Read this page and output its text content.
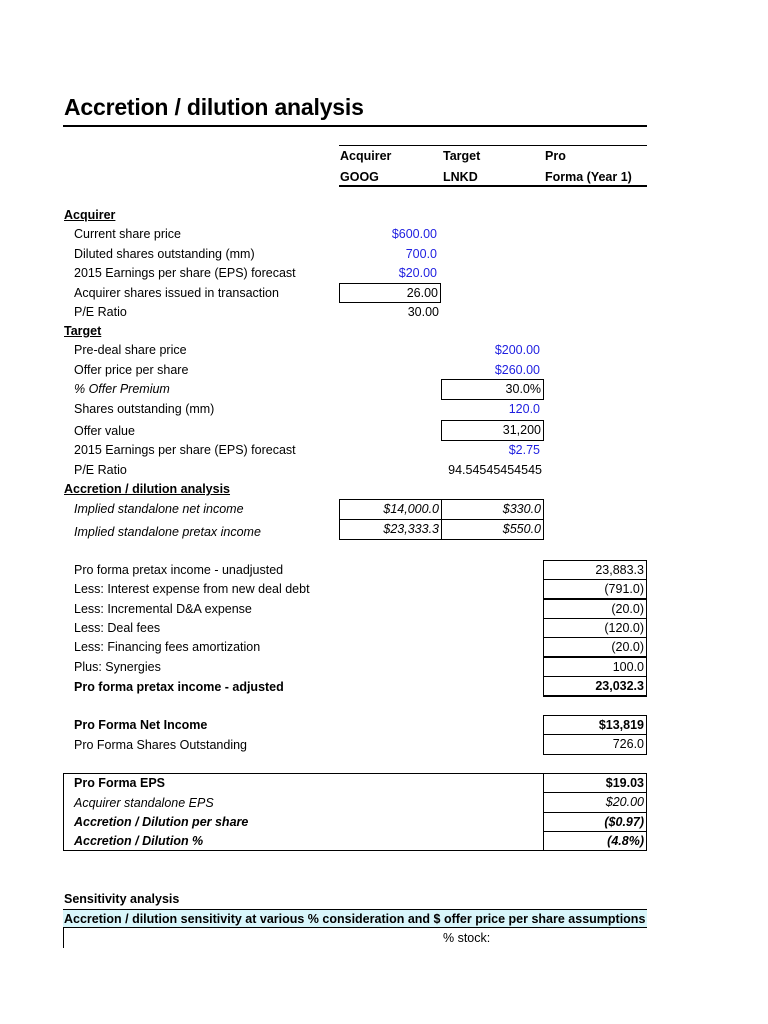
Accretion / dilution analysis
Acquirer	Target	Pro
GOOG	LNKD	Forma (Year 1)
Acquirer
Current share price	$600.00
Diluted shares outstanding (mm)	700.0
2015 Earnings per share (EPS) forecast	$20.00
Acquirer shares issued in transaction	26.00
P/E Ratio	30.00
Target
Pre-deal share price	$200.00
Offer price per share	$260.00
% Offer Premium	30.0%
Shares outstanding (mm)	120.0
Offer value	31,200
2015 Earnings per share (EPS) forecast	$2.75
P/E Ratio	94.54545454545
Accretion / dilution analysis
Implied standalone net income	$14,000.0	$330.0
Implied standalone pretax income	$23,333.3	$550.0
Pro forma pretax income - unadjusted	23,883.3
Less: Interest expense from new deal debt	(791.0)
Less: Incremental D&A expense	(20.0)
Less: Deal fees	(120.0)
Less: Financing fees amortization	(20.0)
Plus: Synergies	100.0
Pro forma pretax income - adjusted	23,032.3
Pro Forma Net Income	$13,819
Pro Forma Shares Outstanding	726.0
Pro Forma EPS	$19.03
Acquirer standalone EPS	$20.00
Accretion / Dilution per share	($0.97)
Accretion / Dilution %	(4.8%)
Sensitivity analysis
Accretion / dilution sensitivity at various % consideration and $ offer price per share assumptions
% stock:
